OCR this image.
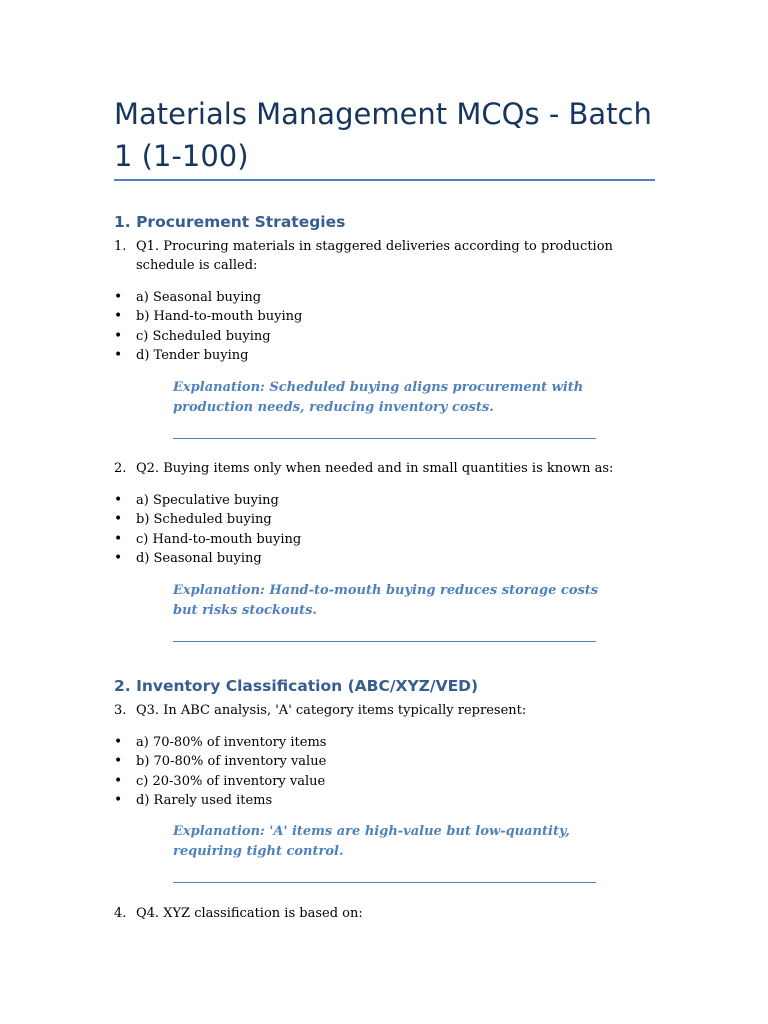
Materials Management MCQs - Batch 1 (1-100)
1. Procurement Strategies
1. Q1. Procuring materials in staggered deliveries according to production schedule is called:
• a) Seasonal buying
• b) Hand-to-mouth buying
• c) Scheduled buying
• d) Tender buying
Explanation: Scheduled buying aligns procurement with production needs, reducing inventory costs.
2. Q2. Buying items only when needed and in small quantities is known as:
• a) Speculative buying
• b) Scheduled buying
• c) Hand-to-mouth buying
• d) Seasonal buying
Explanation: Hand-to-mouth buying reduces storage costs but risks stockouts.
2. Inventory Classification (ABC/XYZ/VED)
3. Q3. In ABC analysis, 'A' category items typically represent:
• a) 70-80% of inventory items
• b) 70-80% of inventory value
• c) 20-30% of inventory value
• d) Rarely used items
Explanation: 'A' items are high-value but low-quantity, requiring tight control.
4. Q4. XYZ classification is based on:
